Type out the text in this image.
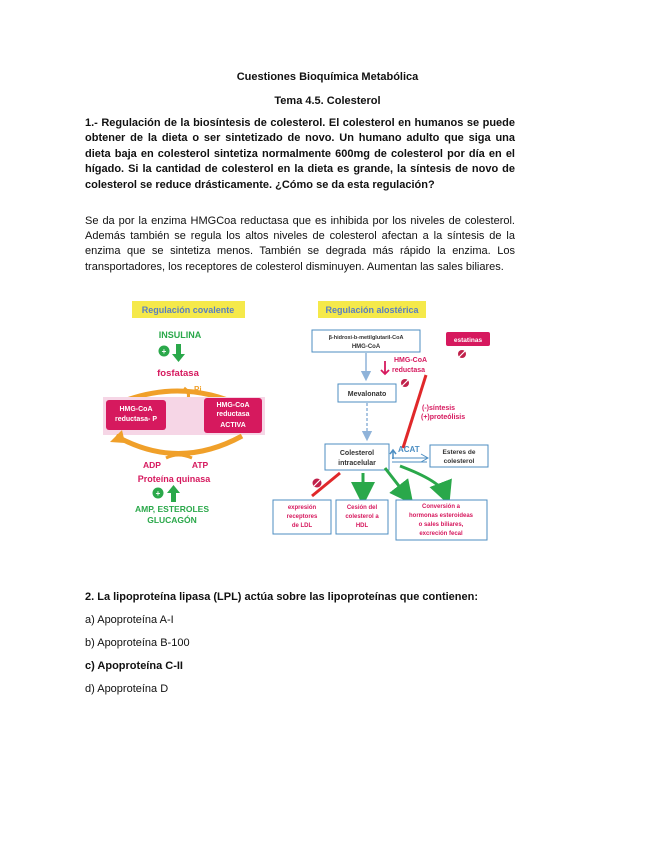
Cuestiones Bioquímica Metabólica
Tema 4.5. Colesterol
1.- Regulación de la biosíntesis de colesterol. El colesterol en humanos se puede obtener de la dieta o ser sintetizado de novo. Un humano adulto que siga una dieta baja en colesterol sintetiza normalmente 600mg de colesterol por día en el hígado. Si la cantidad de colesterol en la dieta es grande, la síntesis de novo de colesterol se reduce drásticamente. ¿Cómo se da esta regulación?
Se da por la enzima HMGCoa reductasa que es inhibida por los niveles de colesterol. Además también se regula los altos niveles de colesterol afectan a la síntesis de la enzima que se sintetiza menos. También se degrada más rápido la enzima. Los transportadores, los receptores de colesterol disminuyen. Aumentan las sales biliares.
Regulación covalente
INSULINA
+
fosfatasa
Pi
HMG-CoA
reductasa- P
HMG-CoA
reductasa
ACTIVA
ADP	ATP
Proteína quinasa
+
AMP, ESTEROLES
GLUCAGÓN
Regulación alostérica
β-hidroxi-b-metilglutaril-CoA
HMG-CoA
estatinas
HMG-CoA
reductasa
Mevalonato
(-)síntesis
(+)proteólisis
Colesterol
intracelular
ACAT	Esteres de
colesterol
expresión
receptores
de LDL
Cesión del
colesterol a
HDL
Conversión a
hormonas esteroideas
o sales biliares,
excreción fecal
2. La lipoproteína lipasa (LPL) actúa sobre las lipoproteínas que contienen:
a) Apoproteína A-I
b) Apoproteína B-100
c) Apoproteína C-II
d) Apoproteína D
